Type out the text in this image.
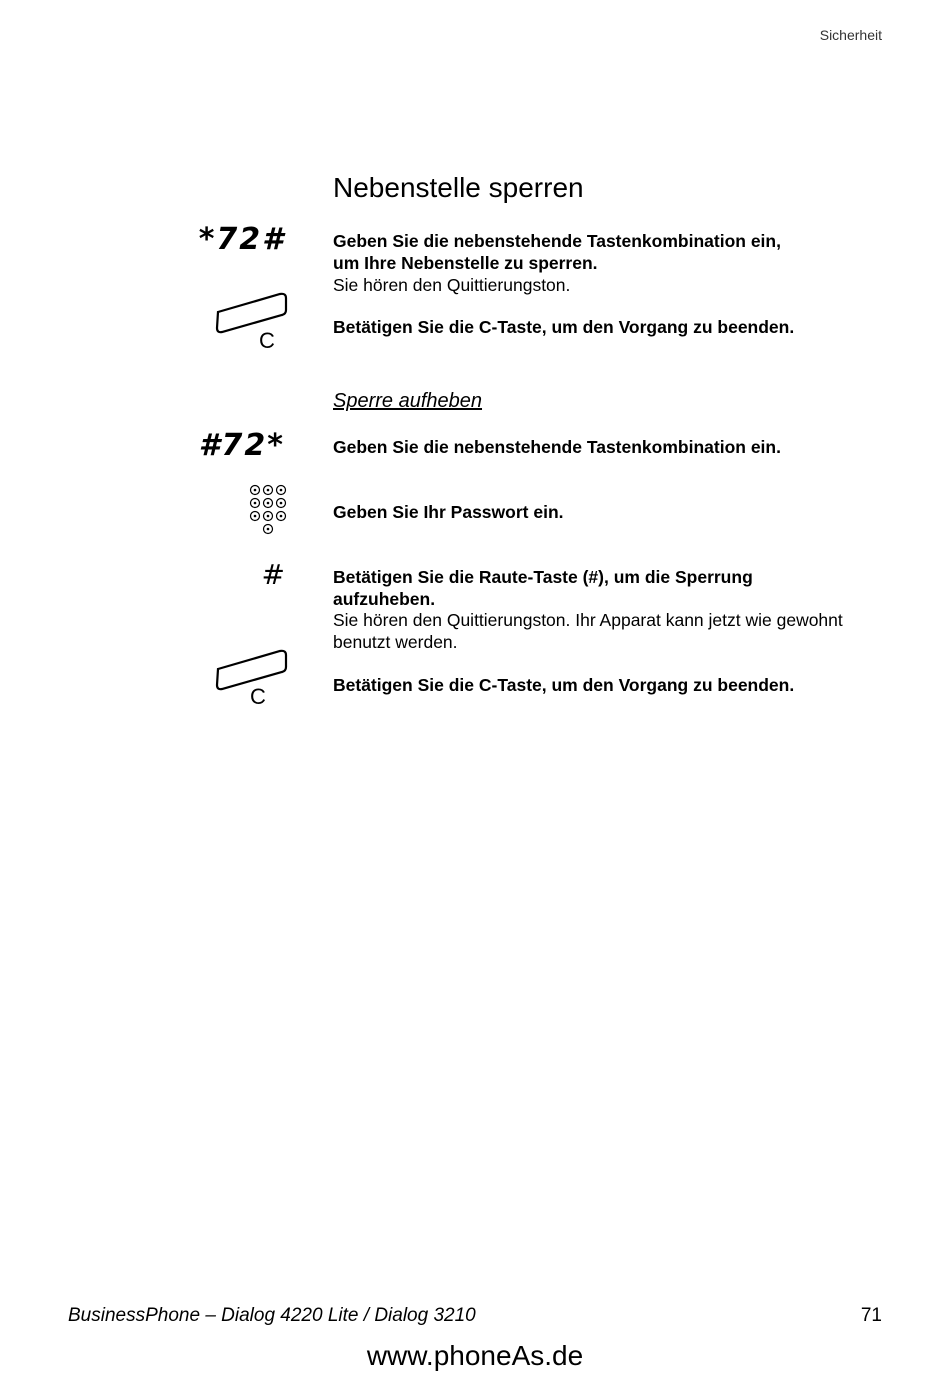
Sicherheit
Nebenstelle sperren
*72#	Geben Sie die nebenstehende Tastenkombination ein,
um Ihre Nebenstelle zu sperren.
Sie hören den Quittierungston.
C
Betätigen Sie die C-Taste, um den Vorgang zu beenden.
Sperre aufheben
#72*	Geben Sie die nebenstehende Tastenkombination ein.
Geben Sie Ihr Passwort ein.
#	Betätigen Sie die Raute-Taste (#), um die Sperrung
aufzuheben.
Sie hören den Quittierungston. Ihr Apparat kann jetzt wie gewohnt
benutzt werden.
C	Betätigen Sie die C-Taste, um den Vorgang zu beenden.
BusinessPhone – Dialog 4220 Lite / Dialog 3210	71
www.phoneAs.de
